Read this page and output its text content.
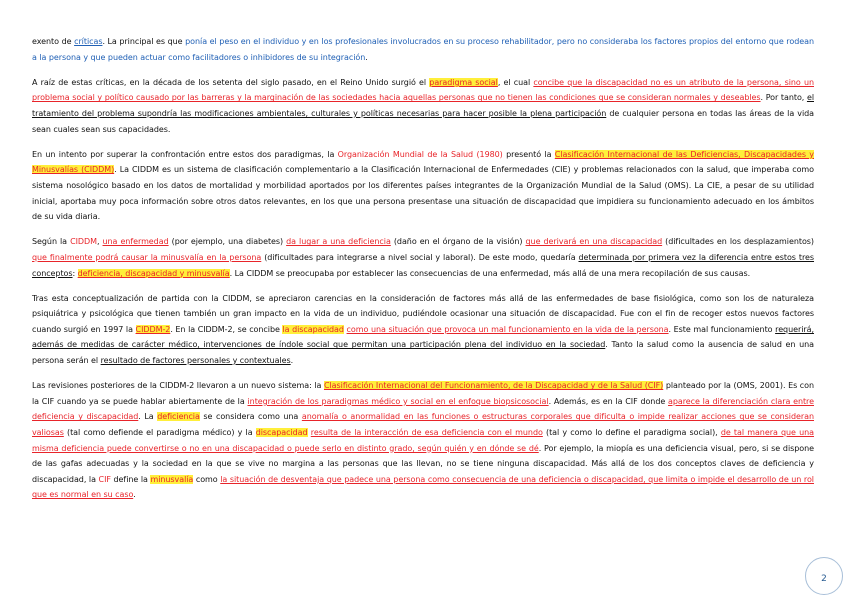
exento de críticas. La principal es que ponía el peso en el individuo y en los profesionales involucrados en su proceso rehabilitador, pero no consideraba los factores propios del entorno que rodean a la persona y que pueden actuar como facilitadores o inhibidores de su integración.

A raíz de estas críticas, en la década de los setenta del siglo pasado, en el Reino Unido surgió el paradigma social, el cual concibe que la discapacidad no es un atributo de la persona, sino un problema social y político causado por las barreras y la marginación de las sociedades hacia aquellas personas que no tienen las condiciones que se consideran normales y deseables. Por tanto, el tratamiento del problema supondría las modificaciones ambientales, culturales y políticas necesarias para hacer posible la plena participación de cualquier persona en todas las áreas de la vida sean cuales sean sus capacidades.

En un intento por superar la confrontación entre estos dos paradigmas, la Organización Mundial de la Salud (1980) presentó la Clasificación Internacional de las Deficiencias, Discapacidades y Minusvalías (CIDDM). La CIDDM es un sistema de clasificación complementario a la Clasificación Internacional de Enfermedades (CIE) y problemas relacionados con la salud, que imperaba como sistema nosológico basado en los datos de mortalidad y morbilidad aportados por los diferentes países integrantes de la Organización Mundial de la Salud (OMS). La CIE, a pesar de su utilidad inicial, aportaba muy poca información sobre otros datos relevantes, en los que una persona presentase una situación de discapacidad que impidiera su funcionamiento adecuado en los ámbitos de su vida diaria.

Según la CIDDM, una enfermedad (por ejemplo, una diabetes) da lugar a una deficiencia (daño en el órgano de la visión) que derivará en una discapacidad (dificultades en los desplazamientos) que finalmente podrá causar la minusvalía en la persona (dificultades para integrarse a nivel social y laboral). De este modo, quedaría determinada por primera vez la diferencia entre estos tres conceptos: deficiencia, discapacidad y minusvalía. La CIDDM se preocupaba por establecer las consecuencias de una enfermedad, más allá de una mera recopilación de sus causas.

Tras esta conceptualización de partida con la CIDDM, se apreciaron carencias en la consideración de factores más allá de las enfermedades de base fisiológica, como son los de naturaleza psiquiátrica y psicológica que tienen también un gran impacto en la vida de un individuo, pudiéndole ocasionar una situación de discapacidad. Fue con el fin de recoger estos nuevos factores cuando surgió en 1997 la CIDDM-2. En la CIDDM-2, se concibe la discapacidad como una situación que provoca un mal funcionamiento en la vida de la persona. Este mal funcionamiento requerirá, además de medidas de carácter médico, intervenciones de índole social que permitan una participación plena del individuo en la sociedad. Tanto la salud como la ausencia de salud en una persona serán el resultado de factores personales y contextuales.

Las revisiones posteriores de la CIDDM-2 llevaron a un nuevo sistema: la Clasificación Internacional del Funcionamiento, de la Discapacidad y de la Salud (CIF) planteado por la (OMS, 2001). Es con la CIF cuando ya se puede hablar abiertamente de la integración de los paradigmas médico y social en el enfoque biopsicosocial. Además, es en la CIF donde aparece la diferenciación clara entre deficiencia y discapacidad. La deficiencia se considera como una anomalía o anormalidad en las funciones o estructuras corporales que dificulta o impide realizar acciones que se consideran valiosas (tal como defiende el paradigma médico) y la discapacidad resulta de la interacción de esa deficiencia con el mundo (tal y como lo define el paradigma social), de tal manera que una misma deficiencia puede convertirse o no en una discapacidad o puede serlo en distinto grado, según quién y en dónde se dé. Por ejemplo, la miopía es una deficiencia visual, pero, si se dispone de las gafas adecuadas y la sociedad en la que se vive no margina a las personas que las llevan, no se tiene ninguna discapacidad. Más allá de los dos conceptos claves de deficiencia y discapacidad, la CIF define la minusvalía como la situación de desventaja que padece una persona como consecuencia de una deficiencia o discapacidad, que limita o impide el desarrollo de un rol que es normal en su caso.

2
